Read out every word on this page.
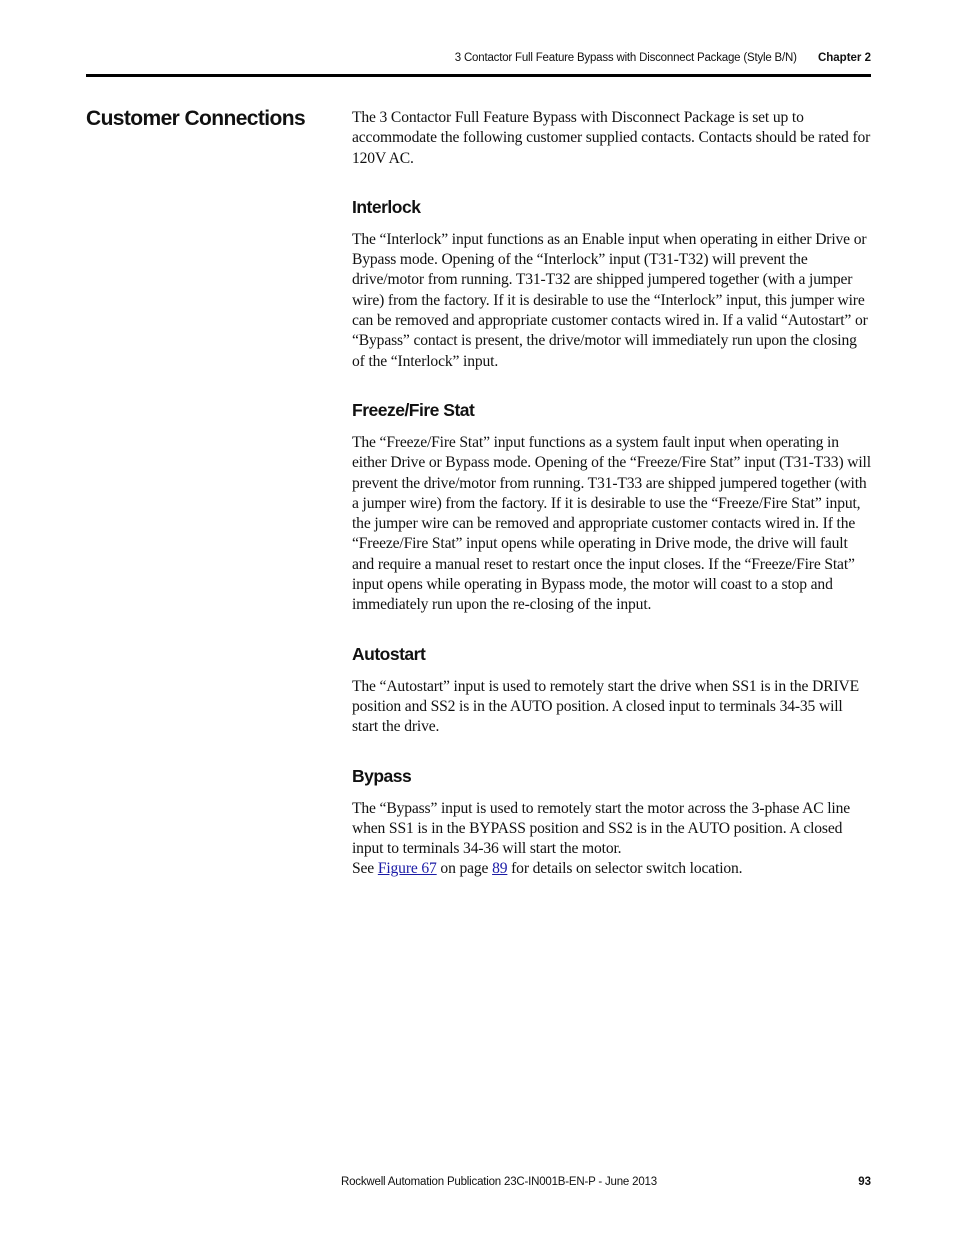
3 Contactor Full Feature Bypass with Disconnect Package (Style B/N) Chapter 2
Customer Connections	The 3 Contactor Full Feature Bypass with Disconnect Package is set up to accommodate the following customer supplied contacts. Contacts should be rated for 120V AC.

Interlock

The “Interlock” input functions as an Enable input when operating in either Drive or Bypass mode. Opening of the “Interlock” input (T31-T32) will prevent the drive/motor from running. T31-T32 are shipped jumpered together (with a jumper wire) from the factory. If it is desirable to use the “Interlock” input, this jumper wire can be removed and appropriate customer contacts wired in. If a valid “Autostart” or “Bypass” contact is present, the drive/motor will immediately run upon the closing of the “Interlock” input.

Freeze/Fire Stat

The “Freeze/Fire Stat” input functions as a system fault input when operating in either Drive or Bypass mode. Opening of the “Freeze/Fire Stat” input (T31-T33) will prevent the drive/motor from running. T31-T33 are shipped jumpered together (with a jumper wire) from the factory. If it is desirable to use the “Freeze/Fire Stat” input, the jumper wire can be removed and appropriate customer contacts wired in. If the “Freeze/Fire Stat” input opens while operating in Drive mode, the drive will fault and require a manual reset to restart once the input closes. If the “Freeze/Fire Stat” input opens while operating in Bypass mode, the motor will coast to a stop and immediately run upon the re-closing of the input.

Autostart

The “Autostart” input is used to remotely start the drive when SS1 is in the DRIVE position and SS2 is in the AUTO position. A closed input to terminals 34-35 will start the drive.

Bypass

The “Bypass” input is used to remotely start the motor across the 3-phase AC line when SS1 is in the BYPASS position and SS2 is in the AUTO position. A closed input to terminals 34-36 will start the motor.
See Figure 67 on page 89 for details on selector switch location.

Rockwell Automation Publication 23C-IN001B-EN-P - June 2013	93
